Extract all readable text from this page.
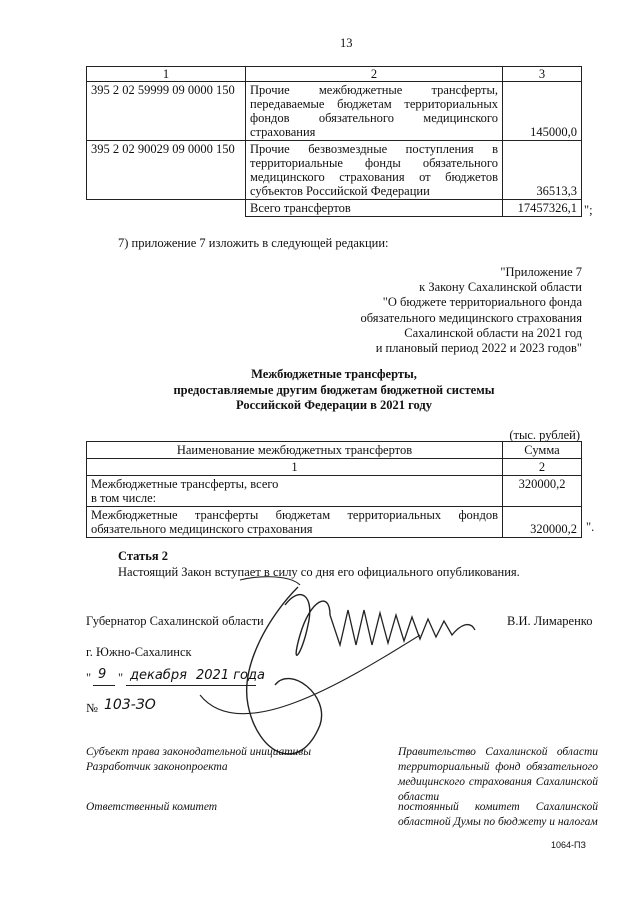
13
1	2	3
395 2 02 59999 09 0000 150	Прочие межбюджетные трансферты, передаваемые бюджетам территориальных фондов обязательного медицинского страхования	145000,0
395 2 02 90029 09 0000 150	Прочие безвозмездные поступления в территориальные фонды обязательного медицинского страхования от бюджетов субъектов Российской Федерации	36513,3
	Всего трансфертов	17457326,1 ";
7) приложение 7 изложить в следующей редакции:
"Приложение 7
к Закону Сахалинской области
"О бюджете территориального фонда
обязательного медицинского страхования
Сахалинской области на 2021 год
и плановый период 2022 и 2023 годов"
Межбюджетные трансферты,
предоставляемые другим бюджетам бюджетной системы
Российской Федерации в 2021 году
(тыс. рублей)
Наименование межбюджетных трансфертов	Сумма
1	2

Межбюджетные трансферты, всего
в том числе:	320000,2
Межбюджетные трансферты бюджетам территориальных фондов обязательного медицинского страхования	320000,2 ".
Статья 2
Настоящий Закон вступает в силу со дня его официального опубликования.
Губернатор Сахалинской области	В.И. Лимаренко
г. Южно-Сахалинск
" 9 " декабря 2021 года
№ 103-ЗО
Субъект права законодательной инициативы
Разработчик законопроекта
Ответственный комитет
Правительство Сахалинской области территориальный фонд обязательного медицинского страхования Сахалинской области
постоянный комитет Сахалинской областной Думы по бюджету и налогам
1064-ПЗ
